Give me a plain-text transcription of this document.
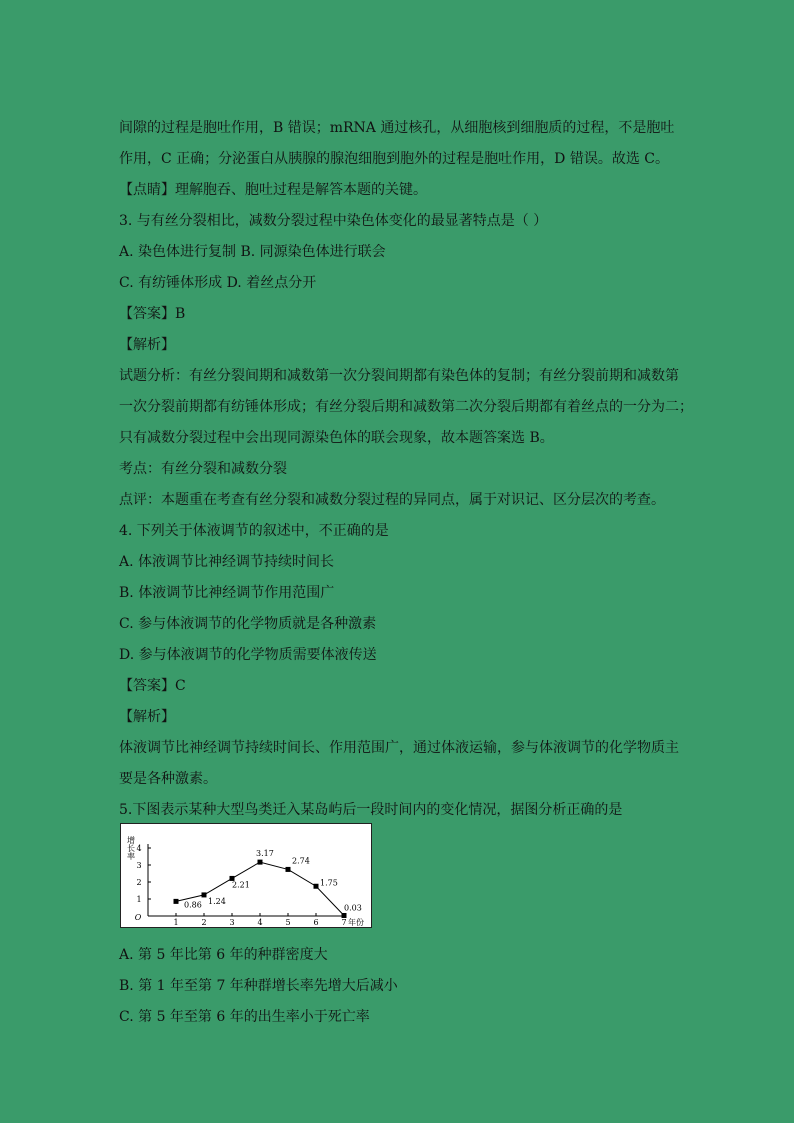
间隙的过程是胞吐作用，B 错误；mRNA 通过核孔，从细胞核到细胞质的过程，不是胞吐
作用，C 正确；分泌蛋白从胰腺的腺泡细胞到胞外的过程是胞吐作用，D 错误。故选 C。
【点睛】理解胞吞、胞吐过程是解答本题的关键。
3. 与有丝分裂相比，减数分裂过程中染色体变化的最显著特点是（ ）
A. 染色体进行复制 B. 同源染色体进行联会
C. 有纺锤体形成 D. 着丝点分开
【答案】B
【解析】
试题分析：有丝分裂间期和减数第一次分裂间期都有染色体的复制；有丝分裂前期和减数第
一次分裂前期都有纺锤体形成；有丝分裂后期和减数第二次分裂后期都有着丝点的一分为二；
只有减数分裂过程中会出现同源染色体的联会现象，故本题答案选 B。
考点：有丝分裂和减数分裂
点评：本题重在考查有丝分裂和减数分裂过程的异同点，属于对识记、区分层次的考查。
4. 下列关于体液调节的叙述中，不正确的是
A. 体液调节比神经调节持续时间长
B. 体液调节比神经调节作用范围广
C. 参与体液调节的化学物质就是各种激素
D. 参与体液调节的化学物质需要体液传送
【答案】C
【解析】
体液调节比神经调节持续时间长、作用范围广，通过体液运输，参与体液调节的化学物质主
要是各种激素。
5.下图表示某种大型鸟类迁入某岛屿后一段时间内的变化情况，据图分析正确的是
1
2
3
4
O
增长率
1	2	3	4	5	6	7 年份
0.86 1.24
2.21
3.17
2.74
1.75
0.03
A. 第 5 年比第 6 年的种群密度大
B. 第 1 年至第 7 年种群增长率先增大后减小
C. 第 5 年至第 6 年的出生率小于死亡率
